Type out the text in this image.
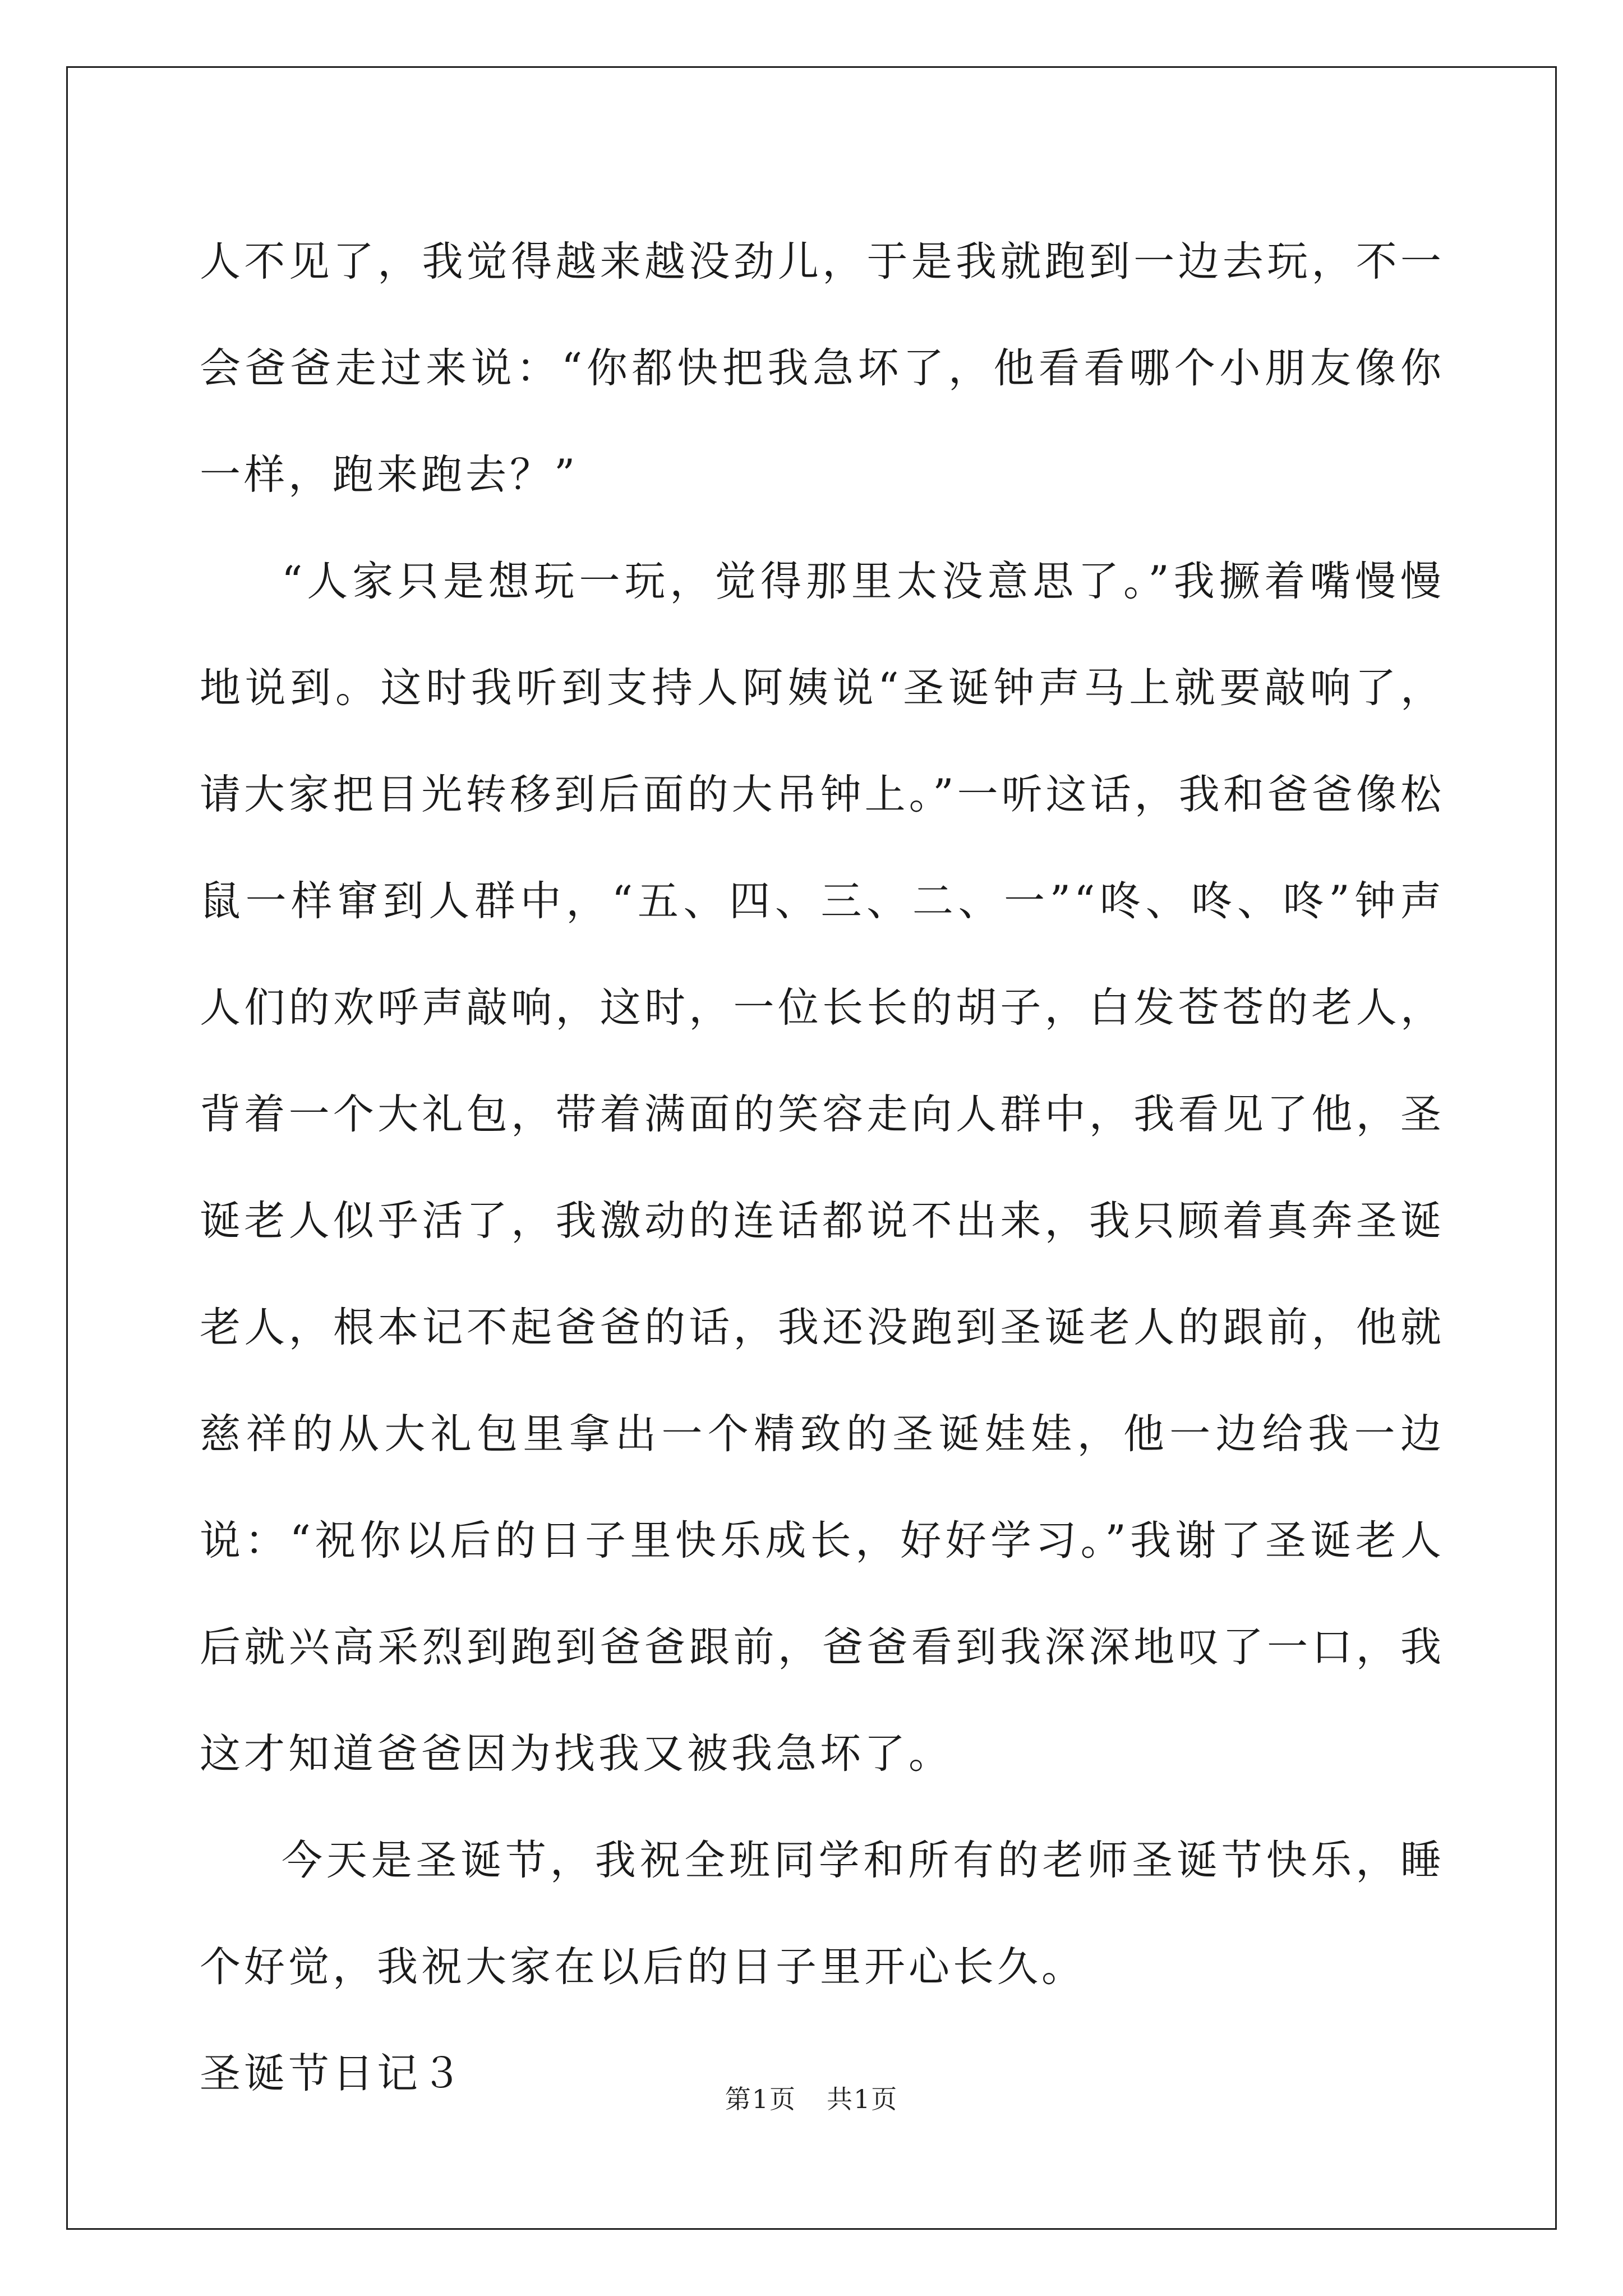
人不见了，我觉得越来越没劲儿，于是我就跑到一边去玩，不一会爸爸走过来说：“你都快把我急坏了，他看看哪个小朋友像你一样，跑来跑去？”

“人家只是想玩一玩，觉得那里太没意思了。”我撅着嘴慢慢地说到。这时我听到支持人阿姨说“圣诞钟声马上就要敲响了，请大家把目光转移到后面的大吊钟上。”一听这话，我和爸爸像松鼠一样窜到人群中，“五、四、三、二、一”“咚、咚、咚”钟声人们的欢呼声敲响，这时，一位长长的胡子，白发苍苍的老人，背着一个大礼包，带着满面的笑容走向人群中，我看见了他，圣诞老人似乎活了，我激动的连话都说不出来，我只顾着真奔圣诞老人，根本记不起爸爸的话，我还没跑到圣诞老人的跟前，他就慈祥的从大礼包里拿出一个精致的圣诞娃娃，他一边给我一边说：“祝你以后的日子里快乐成长，好好学习。”我谢了圣诞老人后就兴高采烈到跑到爸爸跟前，爸爸看到我深深地叹了一口，我这才知道爸爸因为找我又被我急坏了。

今天是圣诞节，我祝全班同学和所有的老师圣诞节快乐，睡个好觉，我祝大家在以后的日子里开心长久。

圣诞节日记３

第1页 共1页
